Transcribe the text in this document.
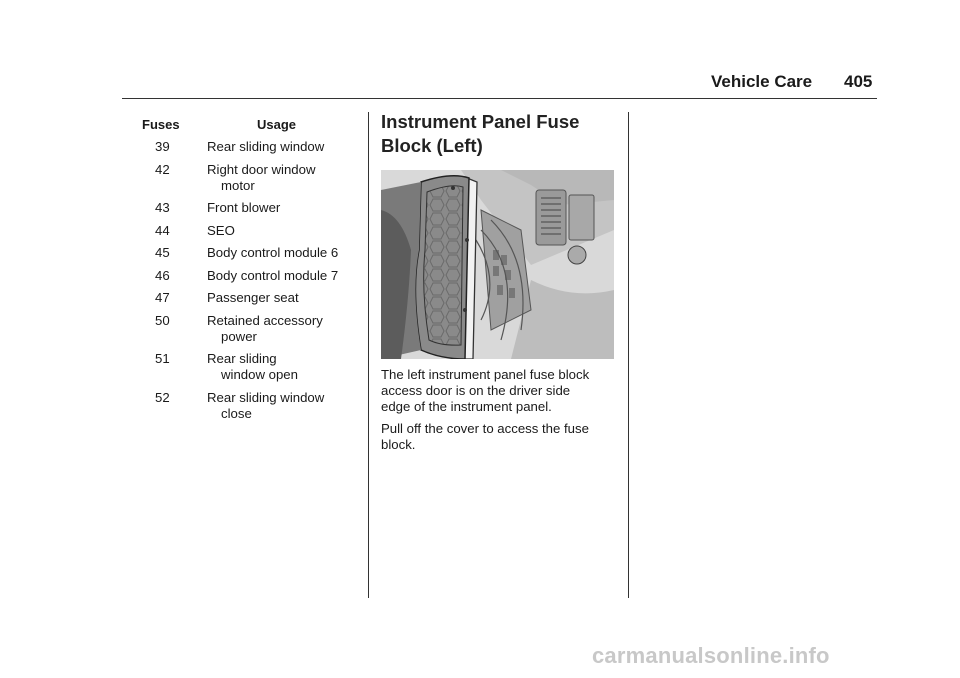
Vehicle Care 405
Fuses	Usage
39	Rear sliding window
42	Right door window
motor
43	Front blower
44	SEO
45	Body control module 6
46	Body control module 7
47	Passenger seat
50	Retained accessory
power
51	Rear sliding
window open
52	Rear sliding window
close
Instrument Panel Fuse
Block (Left)
The left instrument panel fuse block
access door is on the driver side
edge of the instrument panel.
Pull off the cover to access the fuse
block.
carmanualsonline.info
